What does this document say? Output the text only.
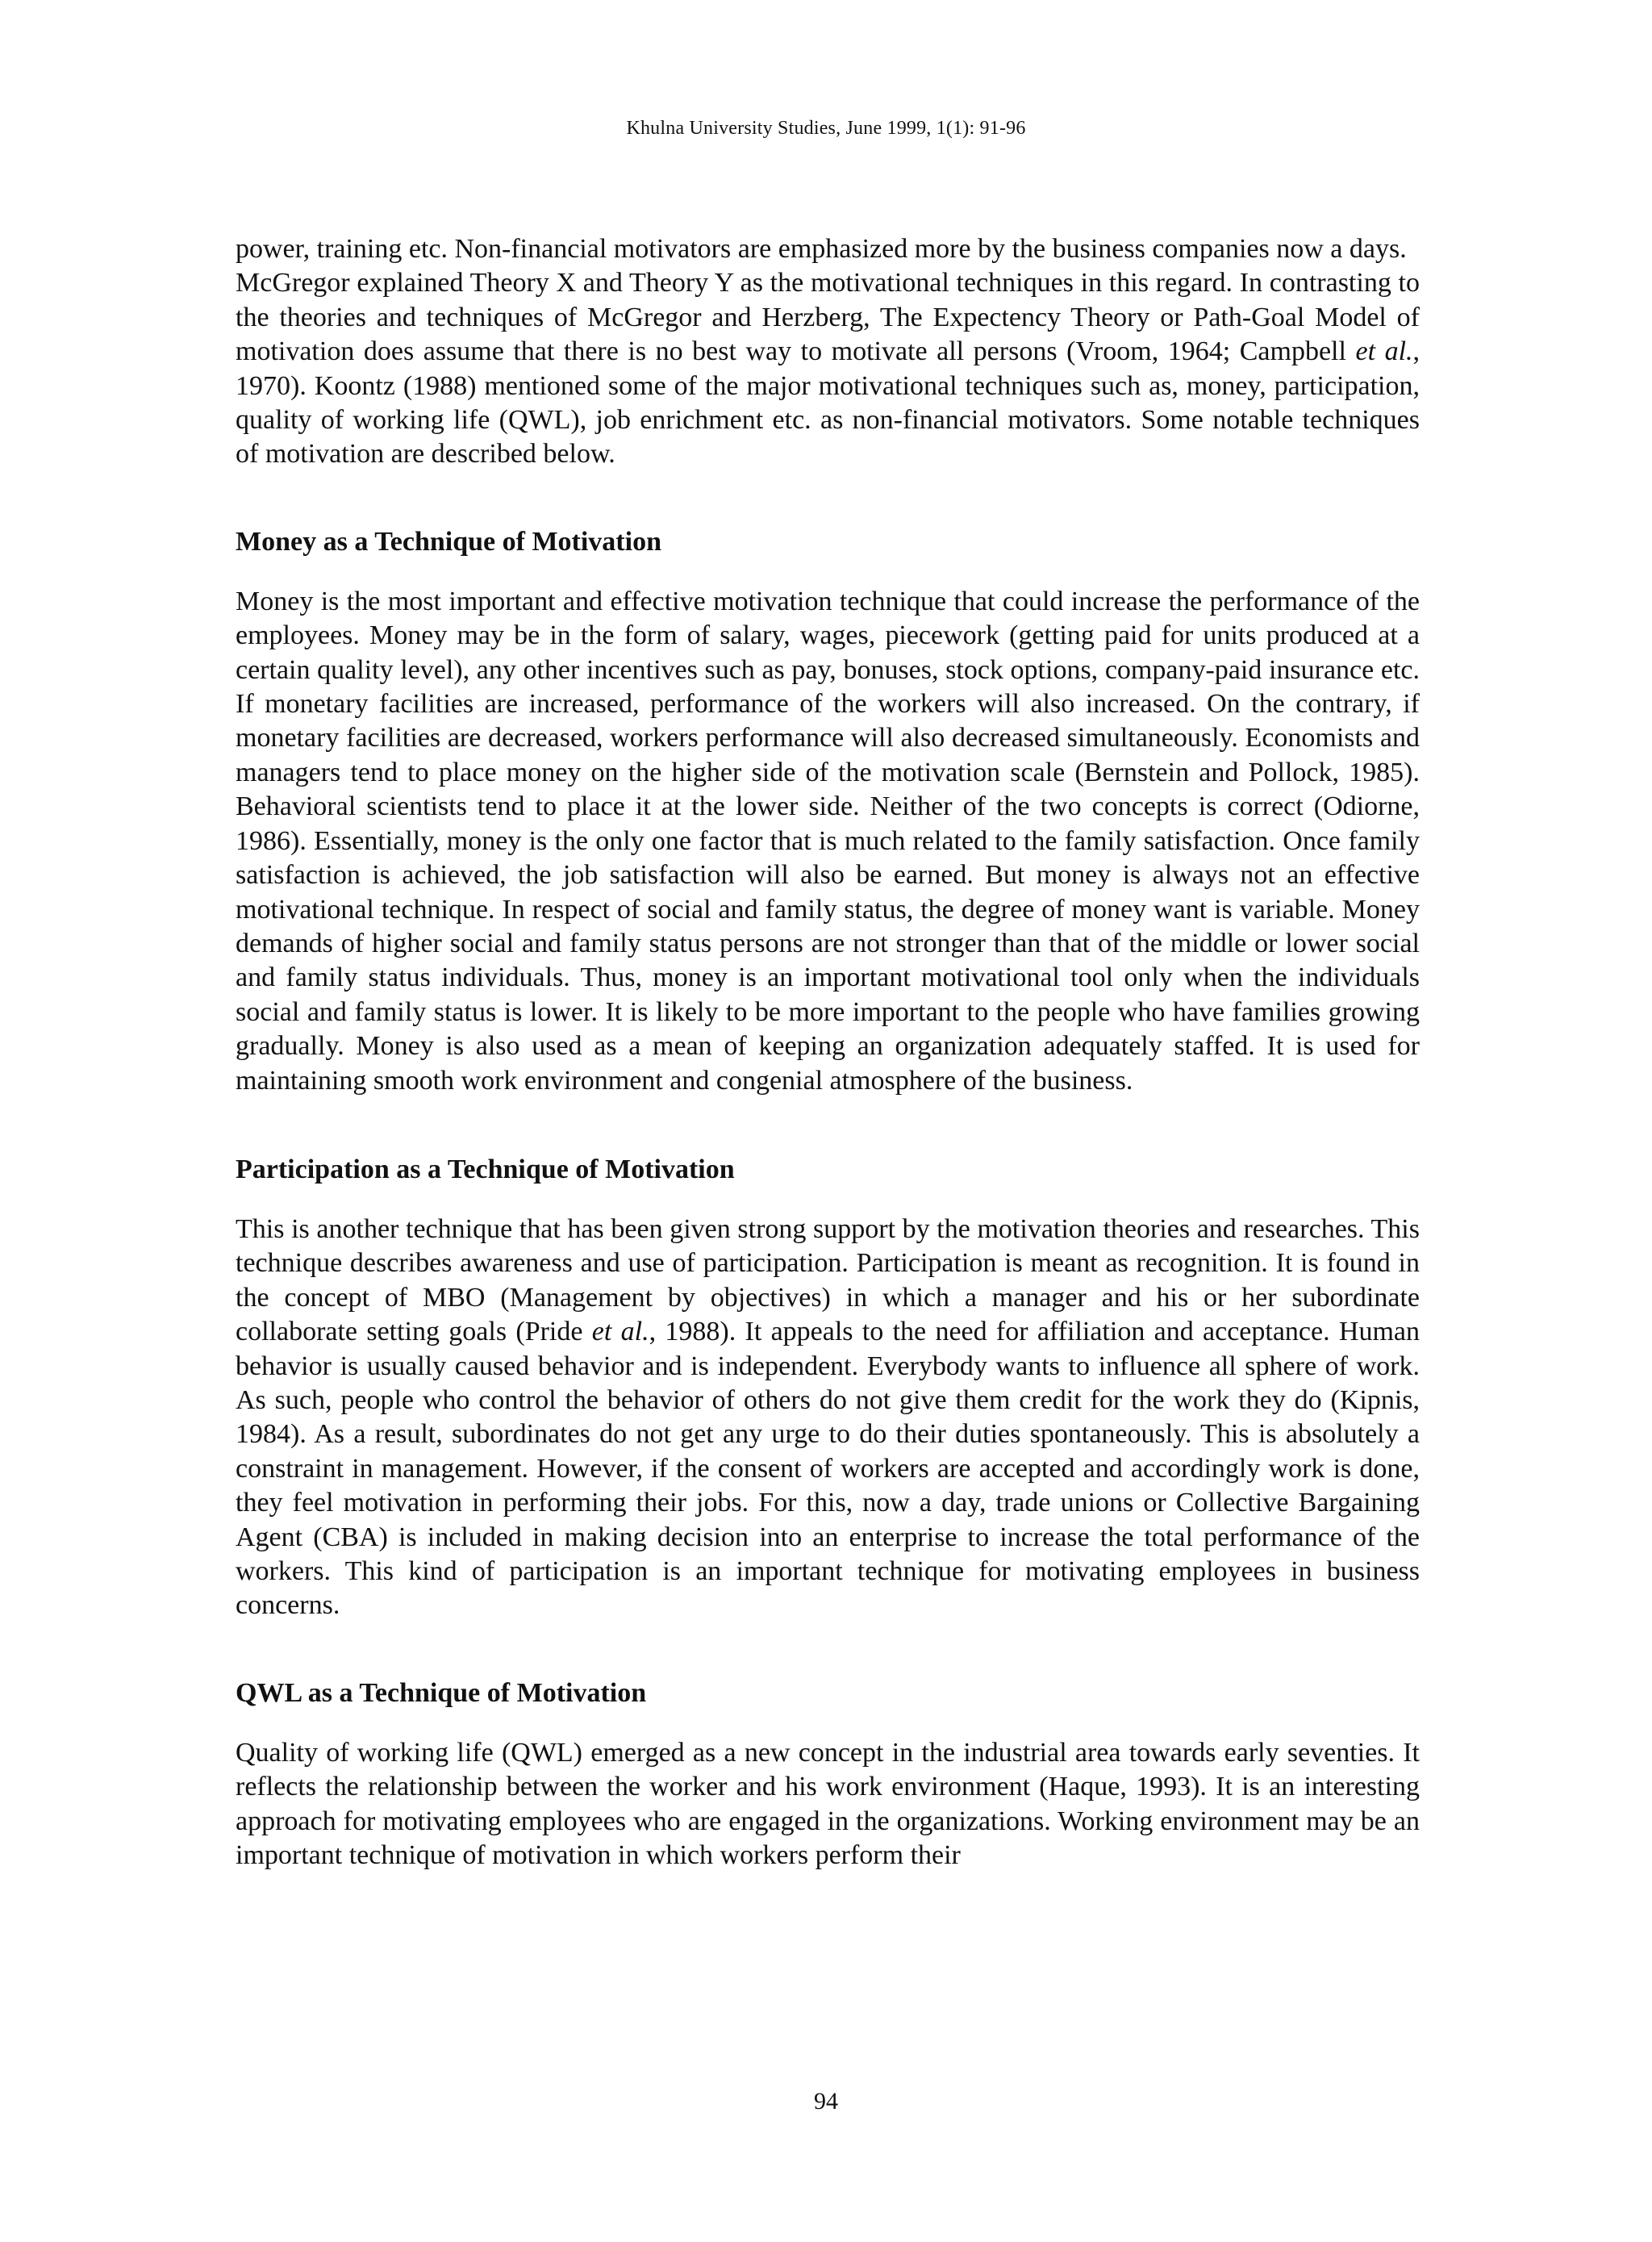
Khulna University Studies, June 1999, 1(1): 91-96

power, training etc. Non-financial motivators are emphasized more by the business companies now a days.

McGregor explained Theory X and Theory Y as the motivational techniques in this regard. In contrasting to the theories and techniques of McGregor and Herzberg, The Expectency Theory or Path-Goal Model of motivation does assume that there is no best way to motivate all persons (Vroom, 1964; Campbell et al., 1970). Koontz (1988) mentioned some of the major motivational techniques such as, money, participation, quality of working life (QWL), job enrichment etc. as non-financial motivators. Some notable techniques of motivation are described below.

Money as a Technique of Motivation

Money is the most important and effective motivation technique that could increase the performance of the employees. Money may be in the form of salary, wages, piecework (getting paid for units produced at a certain quality level), any other incentives such as pay, bonuses, stock options, company-paid insurance etc. If monetary facilities are increased, performance of the workers will also increased. On the contrary, if monetary facilities are decreased, workers performance will also decreased simultaneously. Economists and managers tend to place money on the higher side of the motivation scale (Bernstein and Pollock, 1985). Behavioral scientists tend to place it at the lower side. Neither of the two concepts is correct (Odiorne, 1986). Essentially, money is the only one factor that is much related to the family satisfaction. Once family satisfaction is achieved, the job satisfaction will also be earned. But money is always not an effective motivational technique. In respect of social and family status, the degree of money want is variable. Money demands of higher social and family status persons are not stronger than that of the middle or lower social and family status individuals. Thus, money is an important motivational tool only when the individuals social and family status is lower. It is likely to be more important to the people who have families growing gradually. Money is also used as a mean of keeping an organization adequately staffed. It is used for maintaining smooth work environment and congenial atmosphere of the business.

Participation as a Technique of Motivation

This is another technique that has been given strong support by the motivation theories and researches. This technique describes awareness and use of participation. Participation is meant as recognition. It is found in the concept of MBO (Management by objectives) in which a manager and his or her subordinate collaborate setting goals (Pride et al., 1988). It appeals to the need for affiliation and acceptance. Human behavior is usually caused behavior and is independent. Everybody wants to influence all sphere of work. As such, people who control the behavior of others do not give them credit for the work they do (Kipnis, 1984). As a result, subordinates do not get any urge to do their duties spontaneously. This is absolutely a constraint in management. However, if the consent of workers are accepted and accordingly work is done, they feel motivation in performing their jobs. For this, now a day, trade unions or Collective Bargaining Agent (CBA) is included in making decision into an enterprise to increase the total performance of the workers. This kind of participation is an important technique for motivating employees in business concerns.

QWL as a Technique of Motivation

Quality of working life (QWL) emerged as a new concept in the industrial area towards early seventies. It reflects the relationship between the worker and his work environment (Haque, 1993). It is an interesting approach for motivating employees who are engaged in the organizations. Working environment may be an important technique of motivation in which workers perform their

94
